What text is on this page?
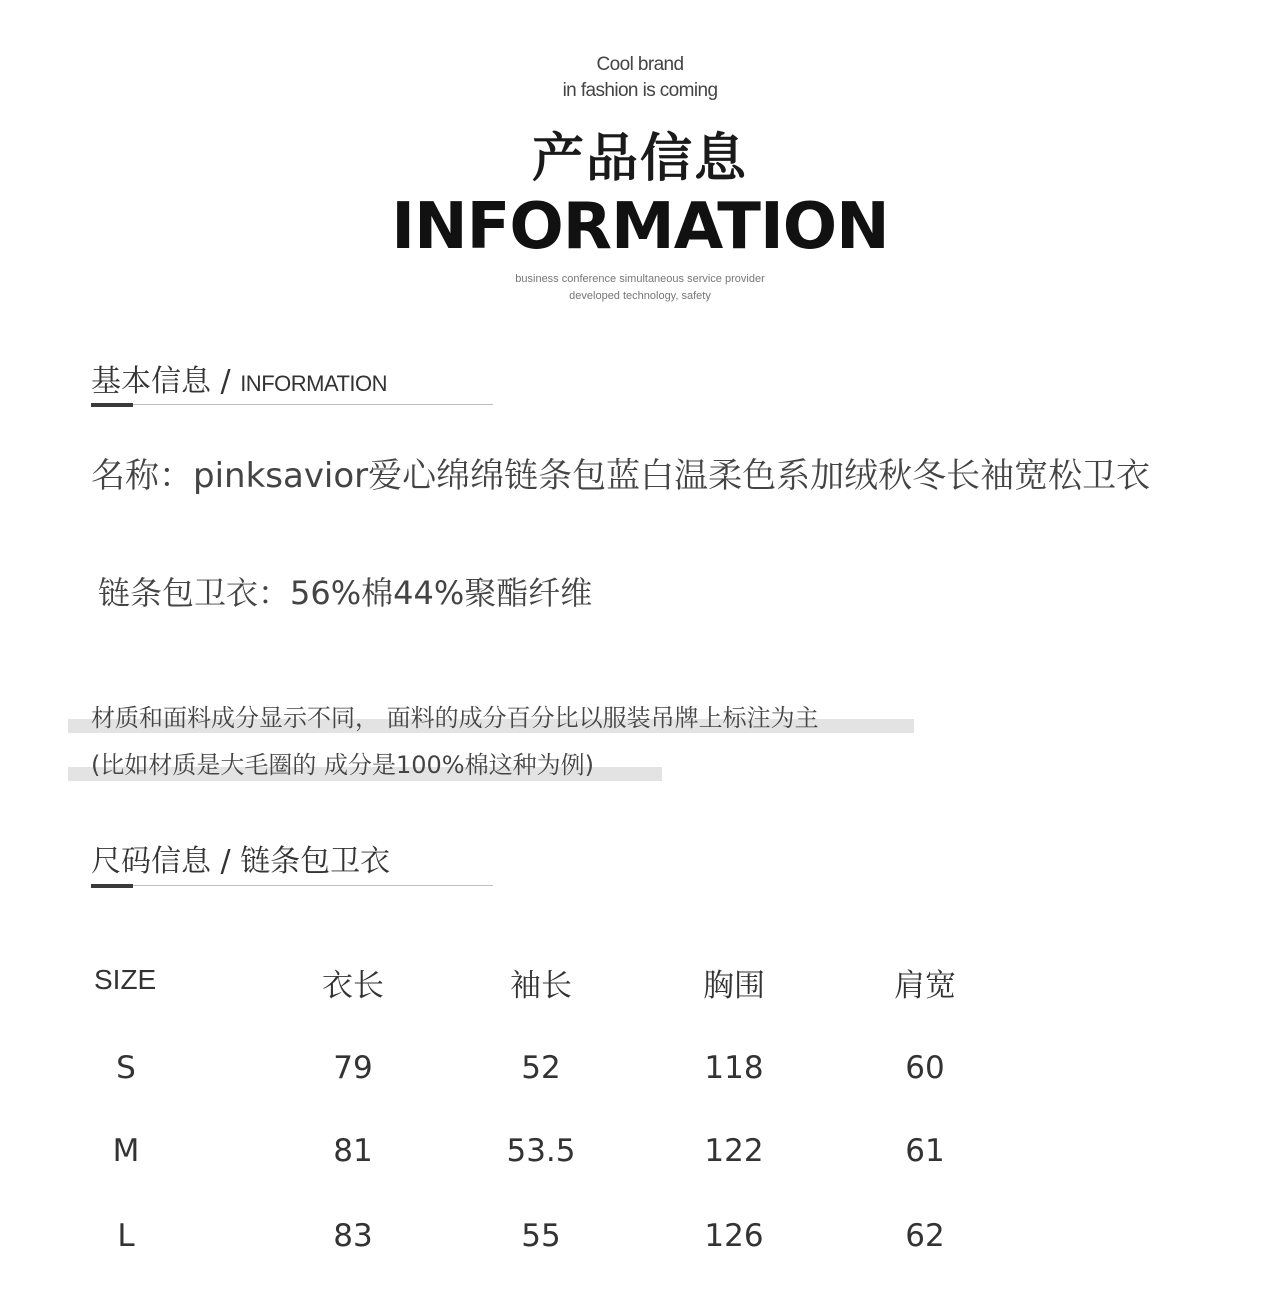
Cool brand
in fashion is coming
产品信息
INFORMATION
business conference simultaneous service provider
developed technology, safety
基本信息 / INFORMATION
名称：pinksavior爱心绵绵链条包蓝白温柔色系加绒秋冬长袖宽松卫衣
链条包卫衣：56%棉44%聚酯纤维
材质和面料成分显示不同， 面料的成分百分比以服装吊牌上标注为主
(比如材质是大毛圈的 成分是100%棉这种为例)
尺码信息 / 链条包卫衣
SIZE	衣长	袖长	胸围	肩宽
S	79	52	118	60
M	81	53.5	122	61
L	83	55	126	62
